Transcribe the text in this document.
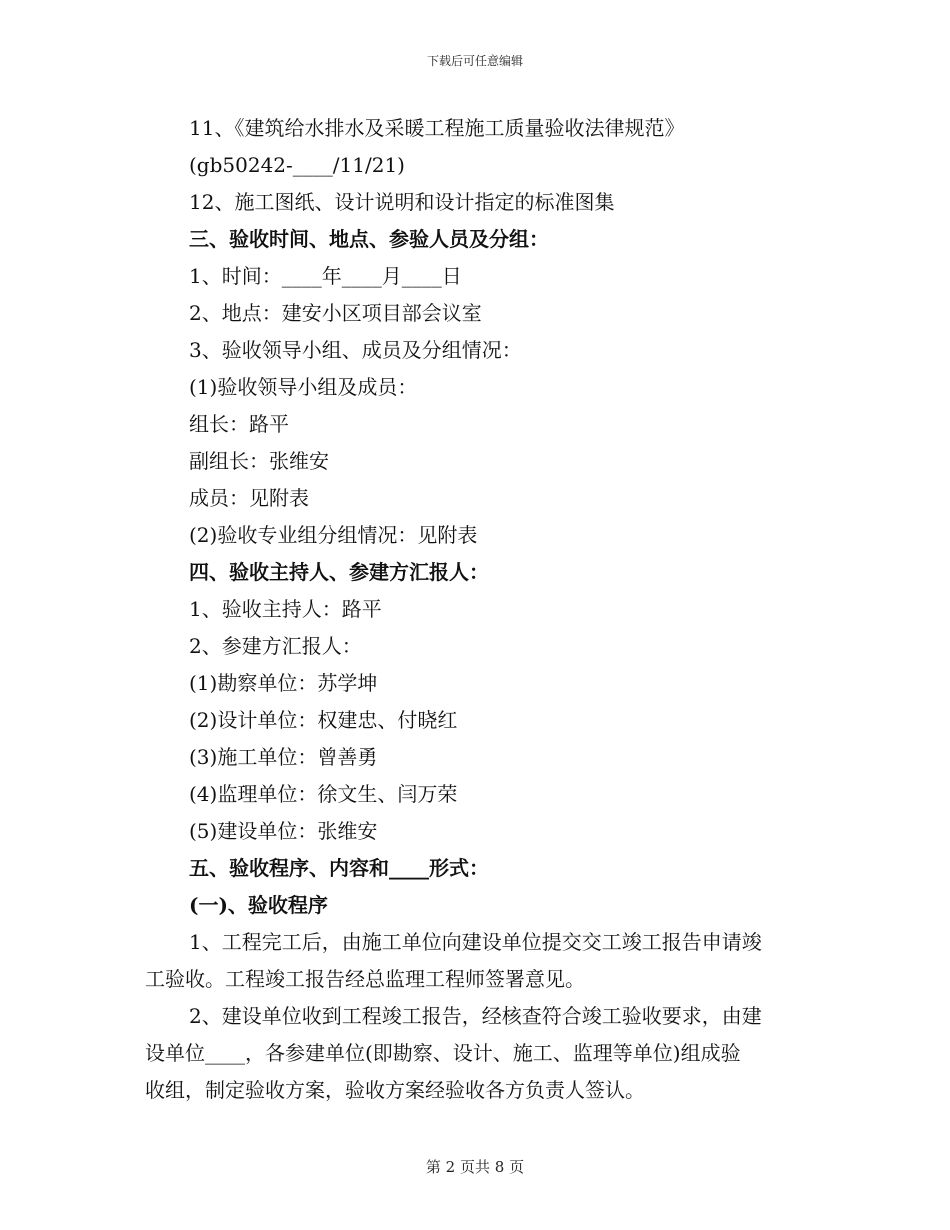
下载后可任意编辑
11、《建筑给水排水及采暖工程施工质量验收法律规范》
(gb50242-____/11/21)
12、施工图纸、设计说明和设计指定的标准图集
三、验收时间、地点、参验人员及分组：
1、时间：____年____月____日
2、地点：建安小区项目部会议室
3、验收领导小组、成员及分组情况：
(1)验收领导小组及成员：
组长：路平
副组长：张维安
成员：见附表
(2)验收专业组分组情况：见附表
四、验收主持人、参建方汇报人：
1、验收主持人：路平
2、参建方汇报人：
(1)勘察单位：苏学坤
(2)设计单位：权建忠、付晓红
(3)施工单位：曾善勇
(4)监理单位：徐文生、闫万荣
(5)建设单位：张维安
五、验收程序、内容和____形式：
(一)、验收程序
1、工程完工后，由施工单位向建设单位提交交工竣工报告申请竣
工验收。工程竣工报告经总监理工程师签署意见。
2、建设单位收到工程竣工报告，经核查符合竣工验收要求，由建
设单位____，各参建单位(即勘察、设计、施工、监理等单位)组成验
收组，制定验收方案，验收方案经验收各方负责人签认。
第 2 页共 8 页
